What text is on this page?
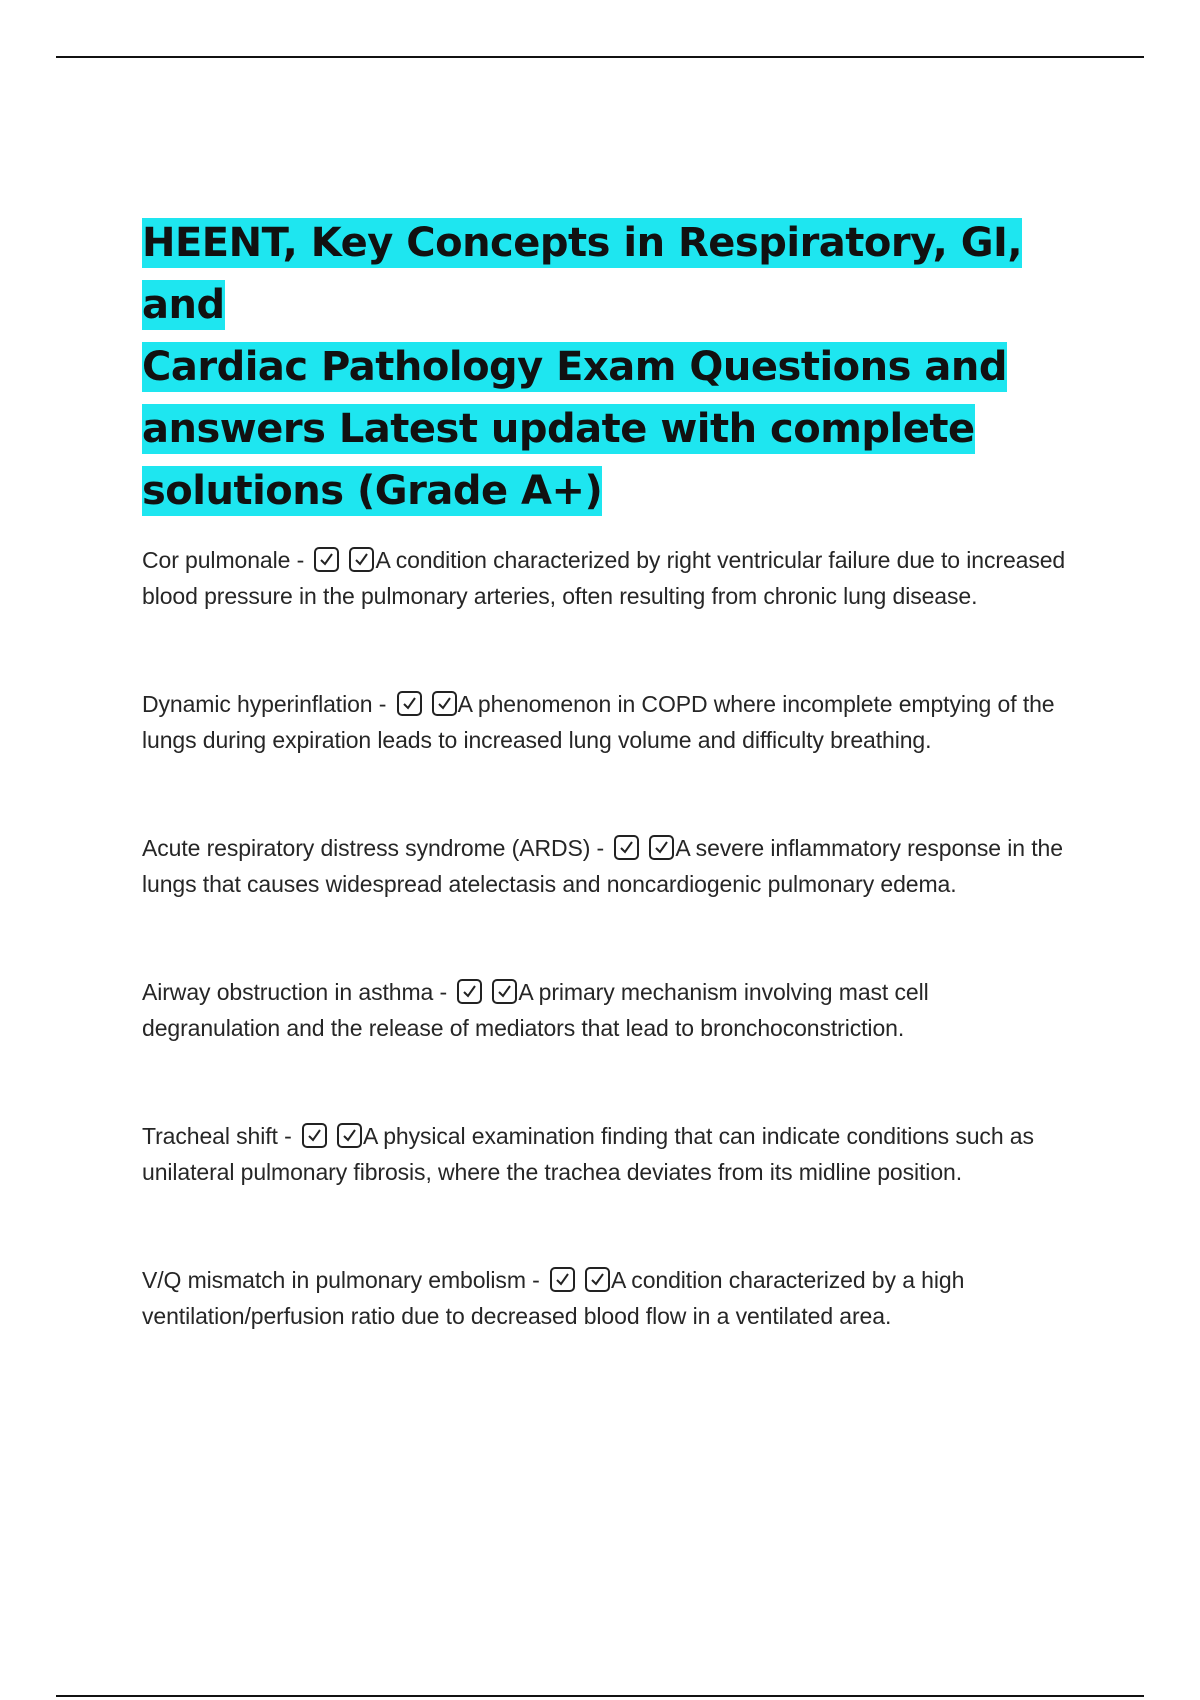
HEENT, Key Concepts in Respiratory, GI, and
Cardiac Pathology Exam Questions and
answers Latest update with complete
solutions (Grade A+)

Cor pulmonale -	A condition characterized by right ventricular failure due to increased blood pressure in the pulmonary arteries, often resulting from chronic lung disease.

Dynamic hyperinflation -	A phenomenon in COPD where incomplete emptying of the lungs during expiration leads to increased lung volume and difficulty breathing.

Acute respiratory distress syndrome (ARDS) -	A severe inflammatory response in the lungs that causes widespread atelectasis and noncardiogenic pulmonary edema.

Airway obstruction in asthma -	A primary mechanism involving mast cell degranulation and the release of mediators that lead to bronchoconstriction.

Tracheal shift -	A physical examination finding that can indicate conditions such as unilateral pulmonary fibrosis, where the trachea deviates from its midline position.

V/Q mismatch in pulmonary embolism -	A condition characterized by a high ventilation/perfusion ratio due to decreased blood flow in a ventilated area.
